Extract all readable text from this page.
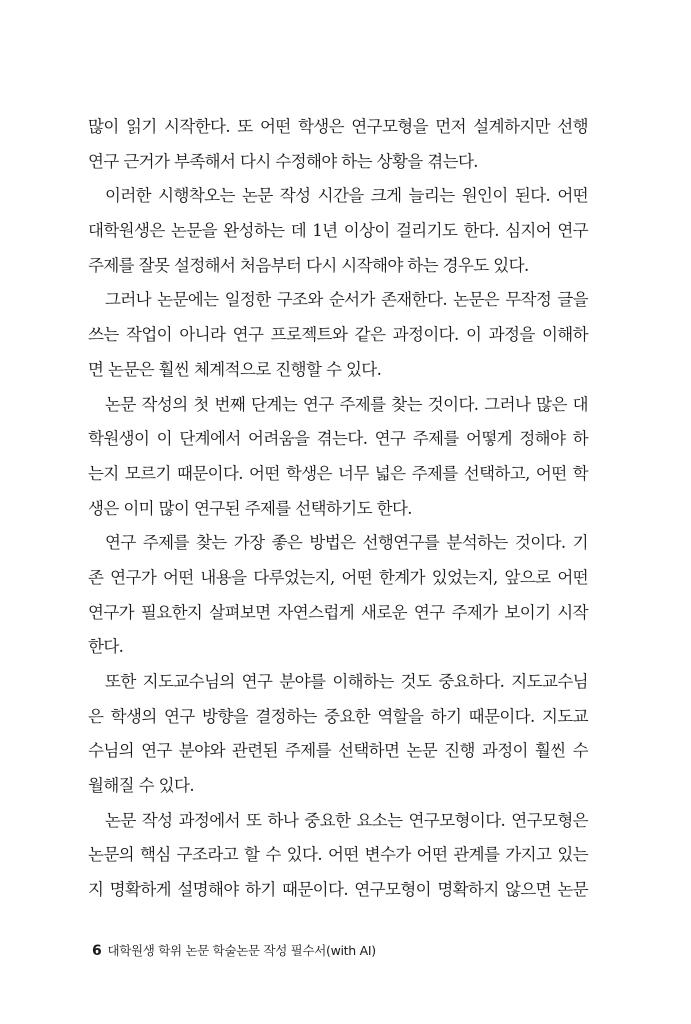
많이 읽기 시작한다. 또 어떤 학생은 연구모형을 먼저 설계하지만 선행
연구 근거가 부족해서 다시 수정해야 하는 상황을 겪는다.
이러한 시행착오는 논문 작성 시간을 크게 늘리는 원인이 된다. 어떤
대학원생은 논문을 완성하는 데 1년 이상이 걸리기도 한다. 심지어 연구
주제를 잘못 설정해서 처음부터 다시 시작해야 하는 경우도 있다.
그러나 논문에는 일정한 구조와 순서가 존재한다. 논문은 무작정 글을
쓰는 작업이 아니라 연구 프로젝트와 같은 과정이다. 이 과정을 이해하
면 논문은 훨씬 체계적으로 진행할 수 있다.
논문 작성의 첫 번째 단계는 연구 주제를 찾는 것이다. 그러나 많은 대
학원생이 이 단계에서 어려움을 겪는다. 연구 주제를 어떻게 정해야 하
는지 모르기 때문이다. 어떤 학생은 너무 넓은 주제를 선택하고, 어떤 학
생은 이미 많이 연구된 주제를 선택하기도 한다.
연구 주제를 찾는 가장 좋은 방법은 선행연구를 분석하는 것이다. 기
존 연구가 어떤 내용을 다루었는지, 어떤 한계가 있었는지, 앞으로 어떤
연구가 필요한지 살펴보면 자연스럽게 새로운 연구 주제가 보이기 시작
한다.
또한 지도교수님의 연구 분야를 이해하는 것도 중요하다. 지도교수님
은 학생의 연구 방향을 결정하는 중요한 역할을 하기 때문이다. 지도교
수님의 연구 분야와 관련된 주제를 선택하면 논문 진행 과정이 훨씬 수
월해질 수 있다.
논문 작성 과정에서 또 하나 중요한 요소는 연구모형이다. 연구모형은
논문의 핵심 구조라고 할 수 있다. 어떤 변수가 어떤 관계를 가지고 있는
지 명확하게 설명해야 하기 때문이다. 연구모형이 명확하지 않으면 논문
6 대학원생 학위 논문 학술논문 작성 필수서(with AI)
